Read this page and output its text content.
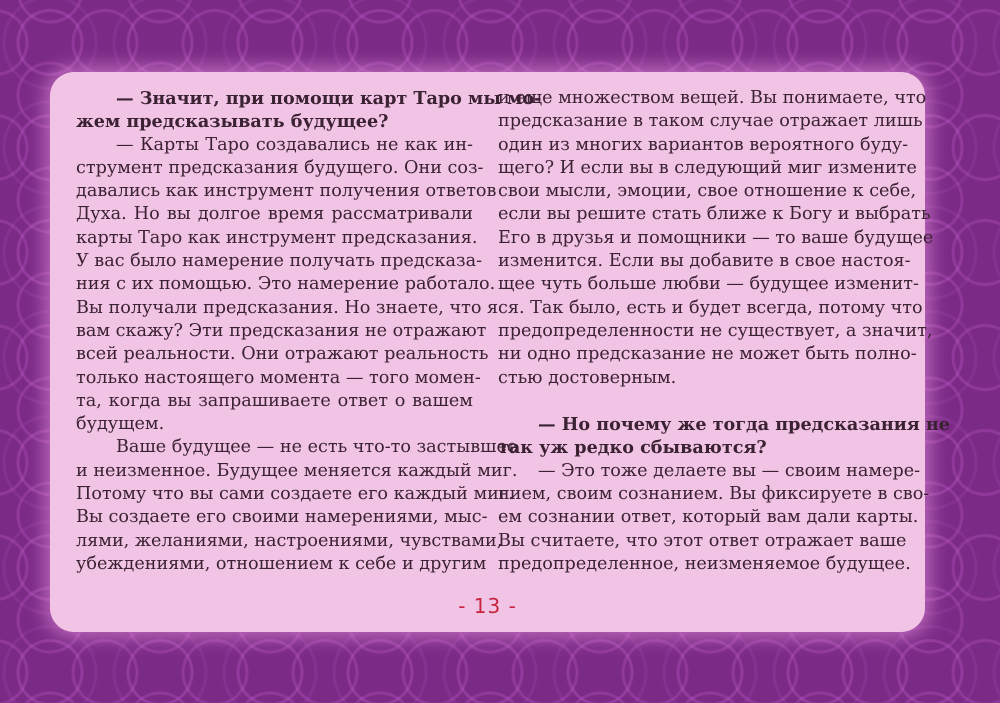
— Значит, при помощи карт Таро мы мо-
жем предсказывать будущее?
— Карты Таро создавались не как ин-
струмент предсказания будущего. Они соз-
давались как инструмент получения ответов
Духа. Но вы долгое время рассматривали
карты Таро как инструмент предсказания.
У вас было намерение получать предсказа-
ния с их помощью. Это намерение работало.
Вы получали предсказания. Но знаете, что я
вам скажу? Эти предсказания не отражают
всей реальности. Они отражают реальность
только настоящего момента — того момен-
та, когда вы запрашиваете ответ о вашем
будущем.
Ваше будущее — не есть что-то застывшее
и неизменное. Будущее меняется каждый миг.
Потому что вы сами создаете его каждый миг.
Вы создаете его своими намерениями, мыс-
лями, желаниями, настроениями, чувствами,
убеждениями, отношением к себе и другим
и еще множеством вещей. Вы понимаете, что
предсказание в таком случае отражает лишь
один из многих вариантов вероятного буду-
щего? И если вы в следующий миг измените
свои мысли, эмоции, свое отношение к себе,
если вы решите стать ближе к Богу и выбрать
Его в друзья и помощники — то ваше будущее
изменится. Если вы добавите в свое настоя-
щее чуть больше любви — будущее изменит-
ся. Так было, есть и будет всегда, потому что
предопределенности не существует, а значит,
ни одно предсказание не может быть полно-
стью достоверным.
— Но почему же тогда предсказания не
так уж редко сбываются?
— Это тоже делаете вы — своим намере-
нием, своим сознанием. Вы фиксируете в сво-
ем сознании ответ, который вам дали карты.
Вы считаете, что этот ответ отражает ваше
предопределенное, неизменяемое будущее.
- 13 -
